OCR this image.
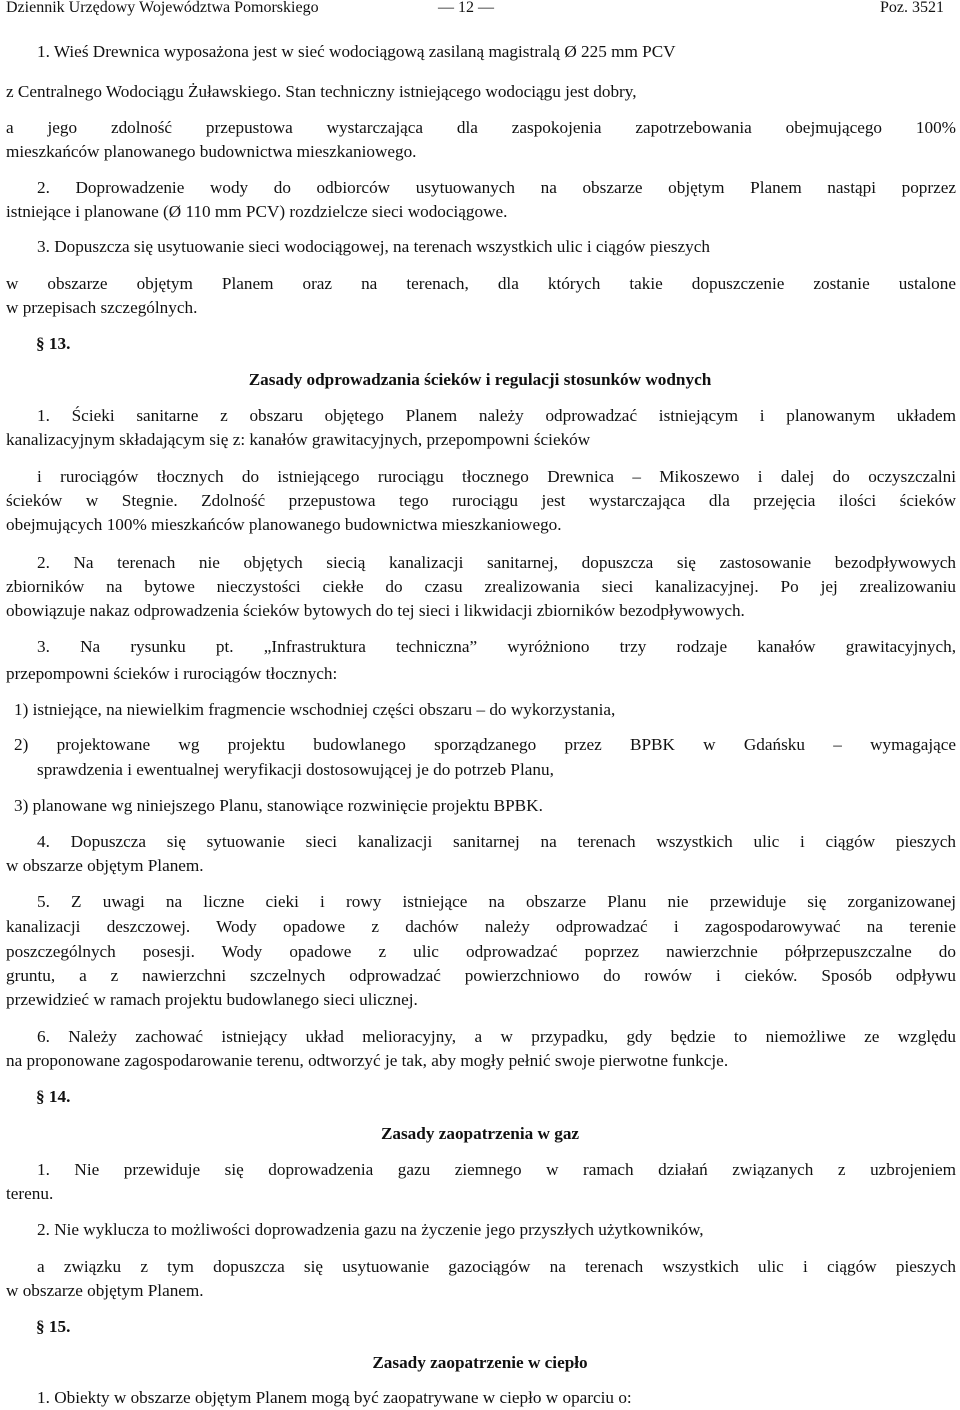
Dziennik Urzędowy Województwa Pomorskiego	— 12 —	Poz. 3521
1. Wieś Drewnica wyposażona jest w sieć wodociągową zasilaną magistralą Ø 225 mm PCV
z Centralnego Wodociągu Żuławskiego. Stan techniczny istniejącego wodociągu jest dobry,
a jego zdolność przepustowa wystarczająca dla zaspokojenia zapotrzebowania obejmującego 100%
mieszkańców planowanego budownictwa mieszkaniowego.
2. Doprowadzenie wody do odbiorców usytuowanych na obszarze objętym Planem nastąpi poprzez
istniejące i planowane (Ø 110 mm PCV) rozdzielcze sieci wodociągowe.
3. Dopuszcza się usytuowanie sieci wodociągowej, na terenach wszystkich ulic i ciągów pieszych
w obszarze objętym Planem oraz na terenach, dla których takie dopuszczenie zostanie ustalone
w przepisach szczególnych.
§ 13.
Zasady odprowadzania ścieków i regulacji stosunków wodnych
1. Ścieki sanitarne z obszaru objętego Planem należy odprowadzać istniejącym i planowanym układem
kanalizacyjnym składającym się z: kanałów grawitacyjnych, przepompowni ścieków
i rurociągów tłocznych do istniejącego rurociągu tłocznego Drewnica – Mikoszewo i dalej do oczyszczalni
ścieków w Stegnie. Zdolność przepustowa tego rurociągu jest wystarczająca dla przejęcia ilości ścieków
obejmujących 100% mieszkańców planowanego budownictwa mieszkaniowego.
2. Na terenach nie objętych siecią kanalizacji sanitarnej, dopuszcza się zastosowanie bezodpływowych
zbiorników na bytowe nieczystości ciekłe do czasu zrealizowania sieci kanalizacyjnej. Po jej zrealizowaniu
obowiązuje nakaz odprowadzenia ścieków bytowych do tej sieci i likwidacji zbiorników bezodpływowych.
3. Na rysunku pt. „Infrastruktura techniczna” wyróżniono trzy rodzaje kanałów grawitacyjnych,
przepompowni ścieków i rurociągów tłocznych:
1) istniejące, na niewielkim fragmencie wschodniej części obszaru – do wykorzystania,
2) projektowane wg projektu budowlanego sporządzanego przez BPBK w Gdańsku – wymagające
sprawdzenia i ewentualnej weryfikacji dostosowującej je do potrzeb Planu,
3) planowane wg niniejszego Planu, stanowiące rozwinięcie projektu BPBK.
4. Dopuszcza się sytuowanie sieci kanalizacji sanitarnej na terenach wszystkich ulic i ciągów pieszych
w obszarze objętym Planem.
5. Z uwagi na liczne cieki i rowy istniejące na obszarze Planu nie przewiduje się zorganizowanej
kanalizacji deszczowej. Wody opadowe z dachów należy odprowadzać i zagospodarowywać na terenie
poszczególnych posesji. Wody opadowe z ulic odprowadzać poprzez nawierzchnie półprzepuszczalne do
gruntu, a z nawierzchni szczelnych odprowadzać powierzchniowo do rowów i cieków. Sposób odpływu
przewidzieć w ramach projektu budowlanego sieci ulicznej.
6. Należy zachować istniejący układ melioracyjny, a w przypadku, gdy będzie to niemożliwe ze względu
na proponowane zagospodarowanie terenu, odtworzyć je tak, aby mogły pełnić swoje pierwotne funkcje.
§ 14.
Zasady zaopatrzenia w gaz
1. Nie przewiduje się doprowadzenia gazu ziemnego w ramach działań związanych z uzbrojeniem
terenu.
2. Nie wyklucza to możliwości doprowadzenia gazu na życzenie jego przyszłych użytkowników,
a związku z tym dopuszcza się usytuowanie gazociągów na terenach wszystkich ulic i ciągów pieszych
w obszarze objętym Planem.
§ 15.
Zasady zaopatrzenie w ciepło
1. Obiekty w obszarze objętym Planem mogą być zaopatrywane w ciepło w oparciu o:
